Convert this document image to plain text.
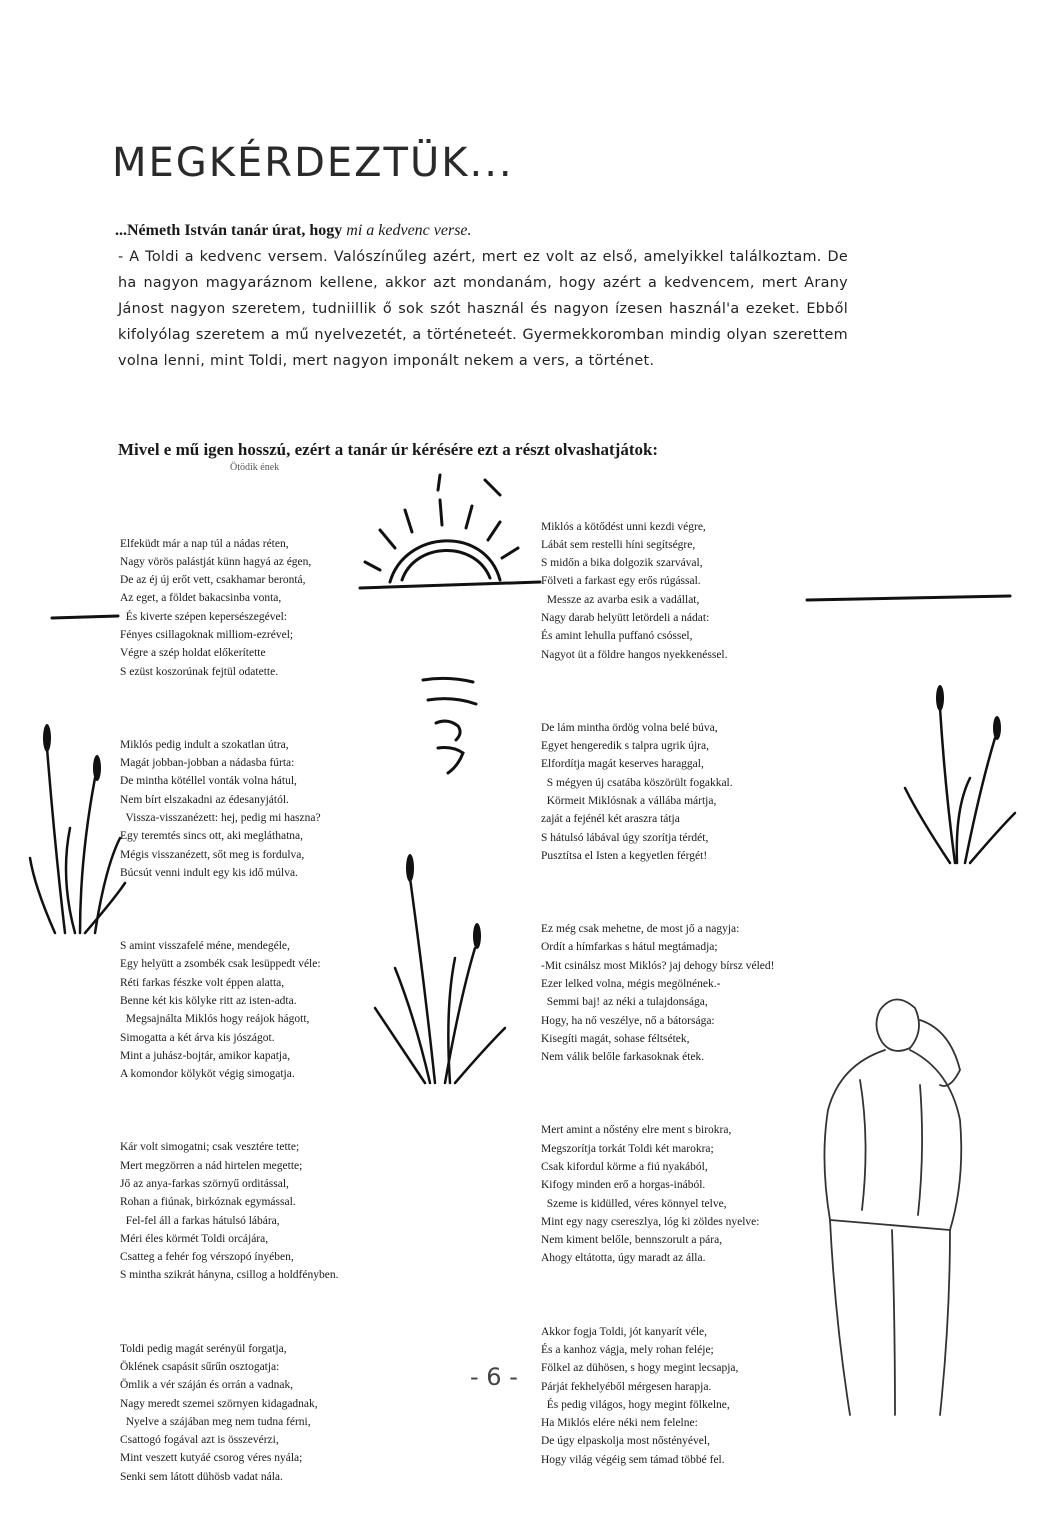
MEGKÉRDEZTÜK...
...Németh István tanár úrat, hogy mi a kedvenc verse.
- A Toldi a kedvenc versem. Valószínűleg azért, mert ez volt az első, amelyikkel találkoztam. De ha nagyon magyaráznom kellene, akkor azt mondanám, hogy azért a kedvencem, mert Arany Jánost nagyon szeretem, tudniillik ő sok szót használ és nagyon ízesen használ'a ezeket. Ebből kifolyólag szeretem a mű nyelvezetét, a történeteét. Gyermekkoromban mindig olyan szerettem volna lenni, mint Toldi, mert nagyon imponált nekem a vers, a történet.
Mivel e mű igen hosszú, ezért a tanár úr kérésére ezt a részt olvashatjátok:
Ötödik ének

Elfeküdt már a nap túl a nádas réten,
Nagy vörös palástját künn hagyá az égen,
De az éj új erőt vett, csakhamar berontá,
Az eget, a földet bakacsinba vonta,
És kiverte szépen kepersészegével:
Fényes csillagoknak milliom-ezrével;
Végre a szép holdat előkerítette
S ezüst koszorúnak fejtül odatette.

Miklós pedig indult a szokatlan útra,
Magát jobban-jobban a nádasba fúrta:
De mintha kötéllel vonták volna hátul,
Nem bírt elszakadni az édesanyjától.
Vissza-visszanézett: hej, pedig mi haszna?
Egy teremtés sincs ott, aki megláthatna,
Mégis visszanézett, sőt meg is fordulva,
Búcsút venni indult egy kis idő múlva.

S amint visszafelé méne, mendegéle,
Egy helyütt a zsombék csak lesüppedt véle:
Réti farkas fészke volt éppen alatta,
Benne két kis kölyke ritt az isten-adta.
Megsajnálta Miklós hogy reájok hágott,
Simogatta a két árva kis jószágot.
Mint a juhász-bojtár, amikor kapatja,
A komondor kölyköt végig simogatja.

Kár volt simogatni; csak vesztére tette;
Mert megzörren a nád hirtelen megette;
Jő az anya-farkas szörnyű orditással,
Rohan a fiúnak, birkóznak egymással.
Fel-fel áll a farkas hátulsó lábára,
Méri éles körmét Toldi orcájára,
Csatteg a fehér fog vérszopó ínyében,
S mintha szikrát hányna, csillog a holdfényben.

Toldi pedig magát serényül forgatja,
Öklének csapásit sűrűn osztogatja:
Ömlik a vér száján és orrán a vadnak,
Nagy meredt szemei szörnyen kidagadnak,
Nyelve a szájában meg nem tudna férni,
Csattogó fogával azt is összevérzi,
Mint veszett kutyáé csorog véres nyála;
Senki sem látott dühösb vadat nála.

Miklós a kötődést unni kezdi végre,
Lábát sem restelli híni segítségre,
S midőn a bika dolgozik szarvával,
Fölveti a farkast egy erős rúgással.
Messze az avarba esik a vadállat,
Nagy darab helyütt letördeli a nádat:
És amint lehulla puffanó csóssel,
Nagyot üt a földre hangos nyekkenéssel.

De lám mintha ördög volna belé búva,
Egyet hengeredik s talpra ugrik újra,
Elfordítja magát keserves haraggal,
S mégyen új csatába köszörült fogakkal.
Körmeit Miklósnak a vállába mártja,
zaját a fejénél két araszra tátja
S hátulsó lábával úgy szorítja térdét,
Pusztítsa el Isten a kegyetlen férgét!

Ez még csak mehetne, de most jő a nagyja:
Ordít a hímfarkas s hátul megtámadja;
-Mit csinálsz most Miklós? jaj dehogy bírsz véled!
Ezer lelked volna, mégis megölnének.-
Semmi baj! az néki a tulajdonsága,
Hogy, ha nő veszélye, nő a bátorsága:
Kisegíti magát, sohase féltsétek,
Nem válik belőle farkasoknak étek.

Mert amint a nőstény elre ment s birokra,
Megszorítja torkát Toldi két marokra;
Csak kifordul körme a fiú nyakából,
Kifogy minden erő a horgas-inából.
Szeme is kidülled, véres könnyel telve,
Mint egy nagy csereszlya, lóg ki zöldes nyelve:
Nem kiment belőle, bennszorult a pára,
Ahogy eltátotta, úgy maradt az álla.

Akkor fogja Toldi, jót kanyarít véle,
És a kanhoz vágja, mely rohan feléje;
Fölkel az dühösen, s hogy megint lecsapja,
Párját fekhelyéből mérgesen harapja.
És pedig világos, hogy megint fölkelne,
Ha Miklós elére néki nem felelne:
De úgy elpaskolja most nőstényével,
Hogy világ végéig sem támad többé fel.

- 6 -
